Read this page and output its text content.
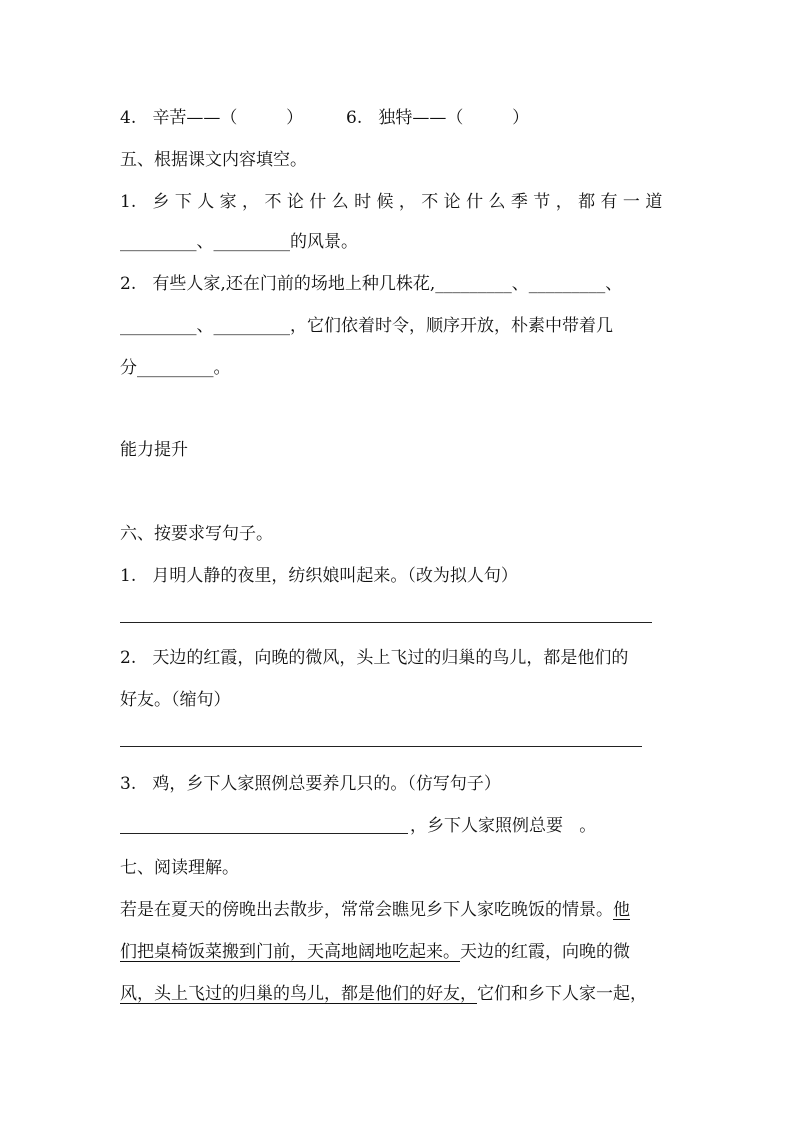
4.   辛苦——（         ）	6.   独特——（         ）
五、根据课文内容填空。
1.   乡 下 人 家 ， 不 论 什 么 时 候 ， 不 论 什 么 季 节 ， 都 有 一 道
_________、_________的风景。
2.   有些人家,还在门前的场地上种几株花,_________、_________、
_________、_________，它们依着时令，顺序开放，朴素中带着几
分_________。
能力提升
六、按要求写句子。
1.   月明人静的夜里，纺织娘叫起来。（改为拟人句）
2.   天边的红霞，向晚的微风，头上飞过的归巢的鸟儿，都是他们的
好友。（缩句）
3.   鸡，乡下人家照例总要养几只的。（仿写句子）
，乡下人家照例总要   。
七、阅读理解。
若是在夏天的傍晚出去散步，常常会瞧见乡下人家吃晚饭的情景。他
们把桌椅饭菜搬到门前，天高地阔地吃起来。天边的红霞，向晚的微
风，头上飞过的归巢的鸟儿，都是他们的好友，它们和乡下人家一起，
